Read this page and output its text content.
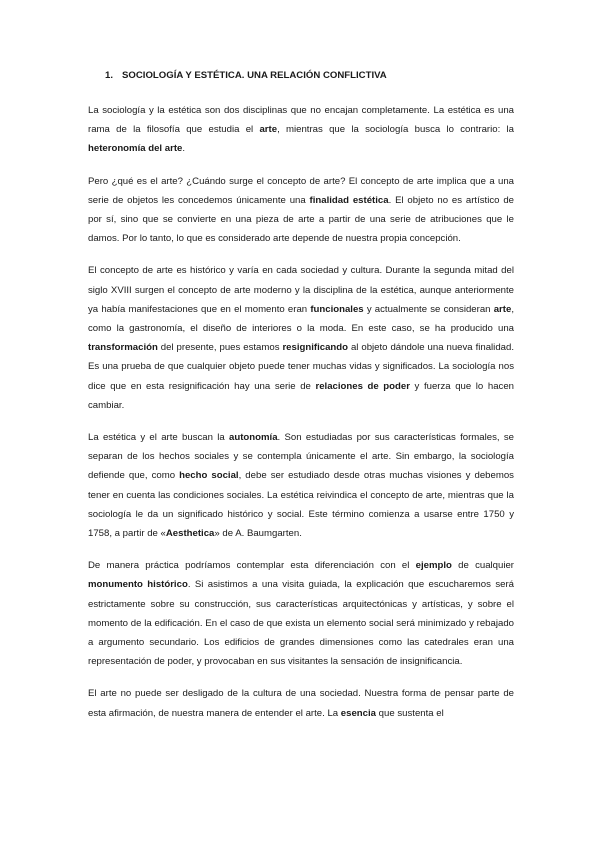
1. SOCIOLOGÍA Y ESTÉTICA. UNA RELACIÓN CONFLICTIVA

La sociología y la estética son dos disciplinas que no encajan completamente. La estética es una rama de la filosofía que estudia el arte, mientras que la sociología busca lo contrario: la heteronomía del arte.

Pero ¿qué es el arte? ¿Cuándo surge el concepto de arte? El concepto de arte implica que a una serie de objetos les concedemos únicamente una finalidad estética. El objeto no es artístico de por sí, sino que se convierte en una pieza de arte a partir de una serie de atribuciones que le damos. Por lo tanto, lo que es considerado arte depende de nuestra propia concepción.

El concepto de arte es histórico y varía en cada sociedad y cultura. Durante la segunda mitad del siglo XVIII surgen el concepto de arte moderno y la disciplina de la estética, aunque anteriormente ya había manifestaciones que en el momento eran funcionales y actualmente se consideran arte, como la gastronomía, el diseño de interiores o la moda. En este caso, se ha producido una transformación del presente, pues estamos resignificando al objeto dándole una nueva finalidad. Es una prueba de que cualquier objeto puede tener muchas vidas y significados. La sociología nos dice que en esta resignificación hay una serie de relaciones de poder y fuerza que lo hacen cambiar.

La estética y el arte buscan la autonomía. Son estudiadas por sus características formales, se separan de los hechos sociales y se contempla únicamente el arte. Sin embargo, la sociología defiende que, como hecho social, debe ser estudiado desde otras muchas visiones y debemos tener en cuenta las condiciones sociales. La estética reivindica el concepto de arte, mientras que la sociología le da un significado histórico y social. Este término comienza a usarse entre 1750 y 1758, a partir de «Aesthetica» de A. Baumgarten.

De manera práctica podríamos contemplar esta diferenciación con el ejemplo de cualquier monumento histórico. Si asistimos a una visita guiada, la explicación que escucharemos será estrictamente sobre su construcción, sus características arquitectónicas y artísticas, y sobre el momento de la edificación. En el caso de que exista un elemento social será minimizado y rebajado a argumento secundario. Los edificios de grandes dimensiones como las catedrales eran una representación de poder, y provocaban en sus visitantes la sensación de insignificancia.

El arte no puede ser desligado de la cultura de una sociedad. Nuestra forma de pensar parte de esta afirmación, de nuestra manera de entender el arte. La esencia que sustenta el
